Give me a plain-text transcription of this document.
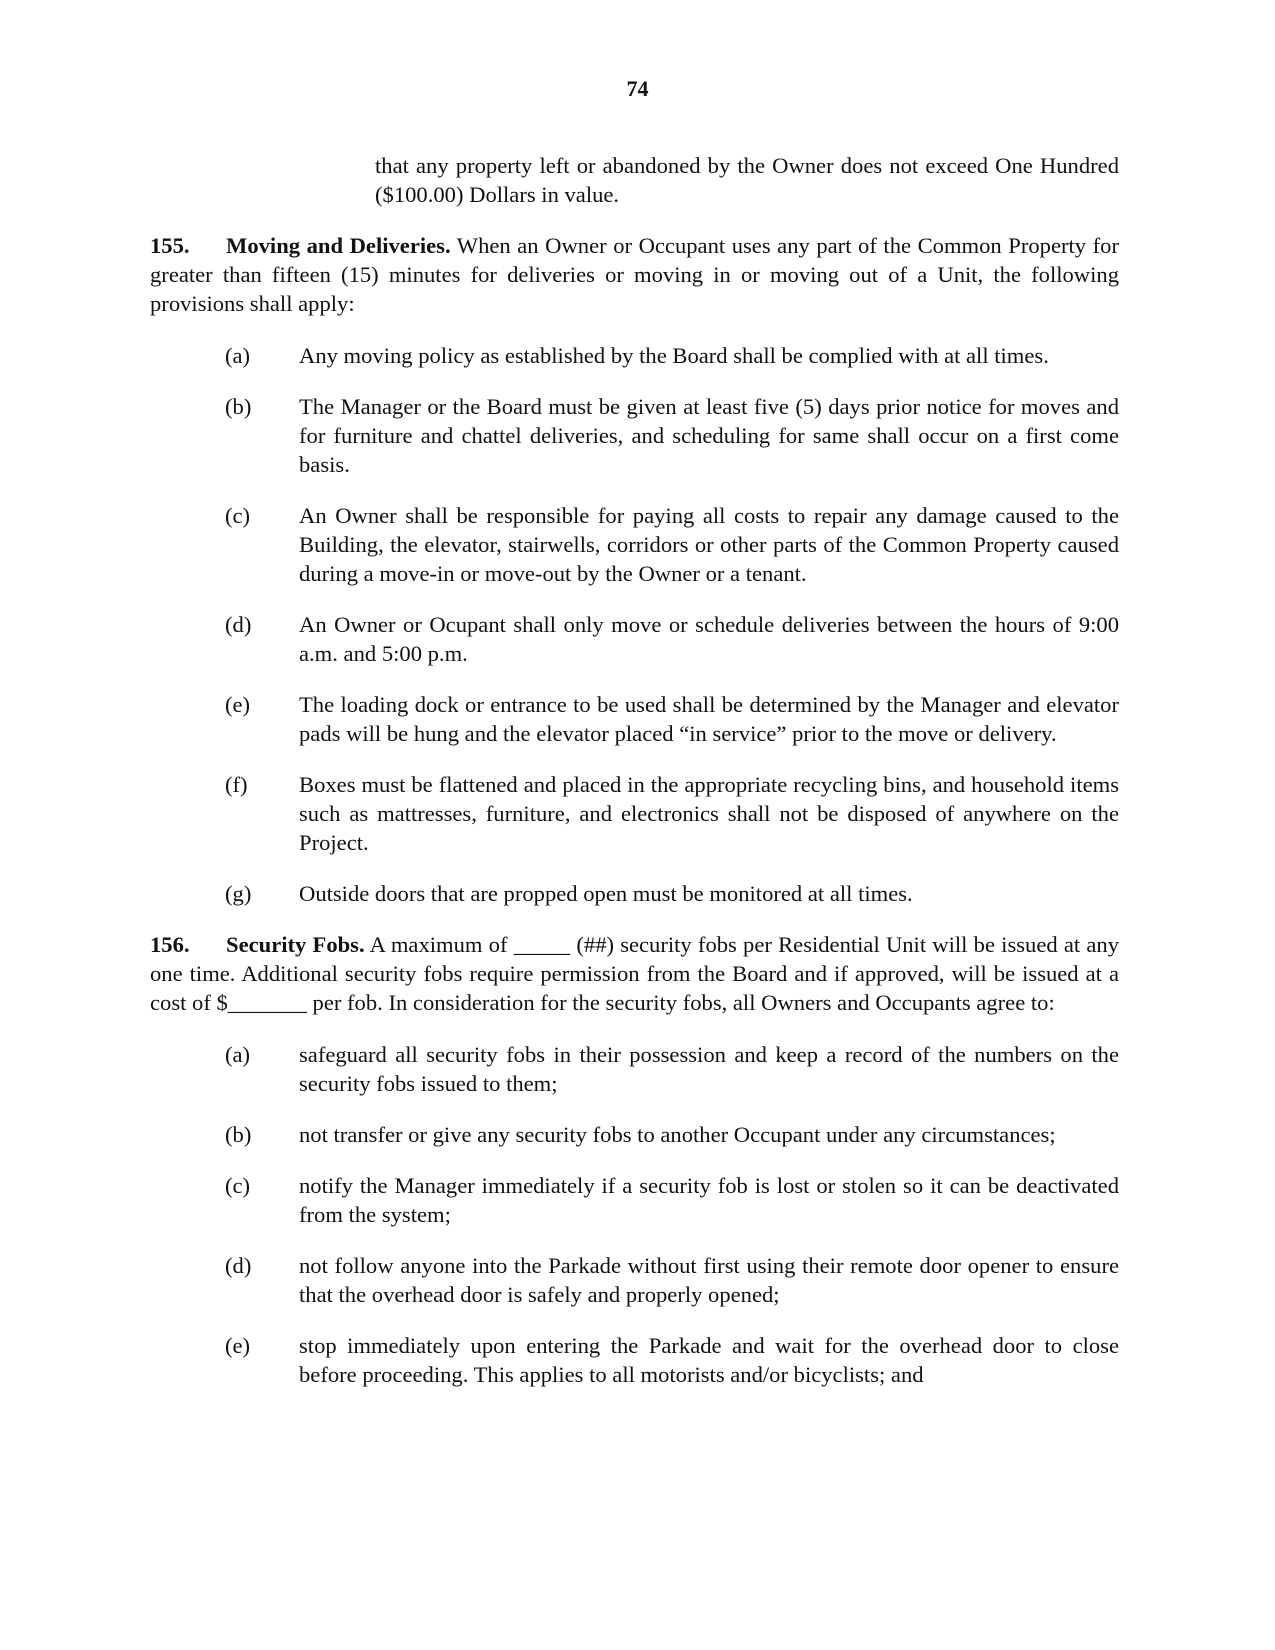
74

that any property left or abandoned by the Owner does not exceed One Hundred ($100.00) Dollars in value.

155. Moving and Deliveries. When an Owner or Occupant uses any part of the Common Property for greater than fifteen (15) minutes for deliveries or moving in or moving out of a Unit, the following provisions shall apply:
(a) Any moving policy as established by the Board shall be complied with at all times.
(b) The Manager or the Board must be given at least five (5) days prior notice for moves and for furniture and chattel deliveries, and scheduling for same shall occur on a first come basis.
(c) An Owner shall be responsible for paying all costs to repair any damage caused to the Building, the elevator, stairwells, corridors or other parts of the Common Property caused during a move-in or move-out by the Owner or a tenant.
(d) An Owner or Ocupant shall only move or schedule deliveries between the hours of 9:00 a.m. and 5:00 p.m.
(e) The loading dock or entrance to be used shall be determined by the Manager and elevator pads will be hung and the elevator placed “in service” prior to the move or delivery.
(f) Boxes must be flattened and placed in the appropriate recycling bins, and household items such as mattresses, furniture, and electronics shall not be disposed of anywhere on the Project.
(g) Outside doors that are propped open must be monitored at all times.
156. Security Fobs. A maximum of _____ (##) security fobs per Residential Unit will be issued at any one time. Additional security fobs require permission from the Board and if approved, will be issued at a cost of $_______ per fob. In consideration for the security fobs, all Owners and Occupants agree to:
(a) safeguard all security fobs in their possession and keep a record of the numbers on the security fobs issued to them;
(b) not transfer or give any security fobs to another Occupant under any circumstances;
(c) notify the Manager immediately if a security fob is lost or stolen so it can be deactivated from the system;
(d) not follow anyone into the Parkade without first using their remote door opener to ensure that the overhead door is safely and properly opened;
(e) stop immediately upon entering the Parkade and wait for the overhead door to close before proceeding. This applies to all motorists and/or bicyclists; and
